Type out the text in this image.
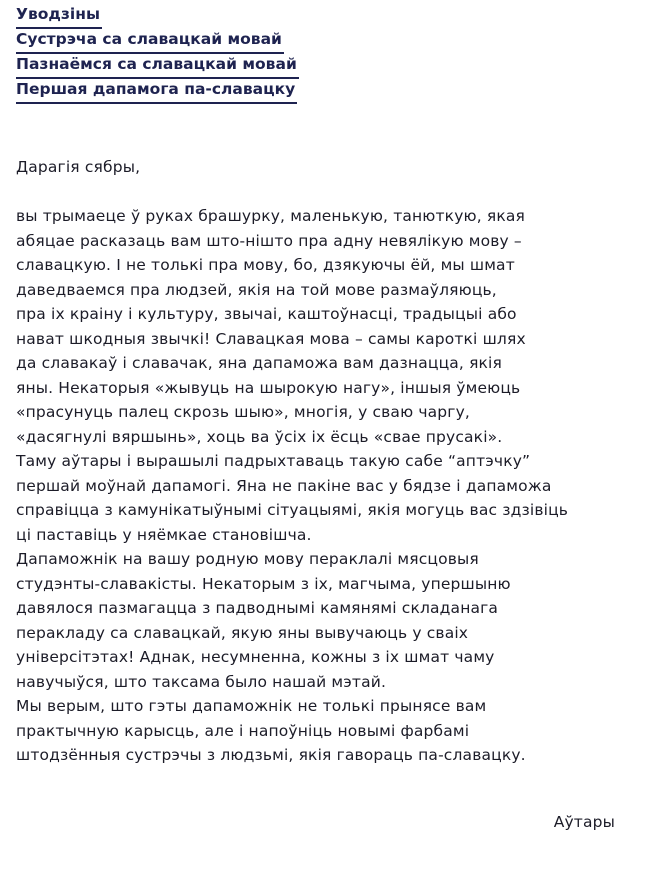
Уводзіны
Сустрэча са славацкай мовай
Пазнаёмся са славацкай мовай
Першая дапамога па-славацку
Дарагія сябры,
вы трымаеце ў руках брашурку, маленькую, танюткую, якая
абяцае расказаць вам што-нішто пра адну невялікую мову –
славацкую. І не толькі пра мову, бо, дзякуючы ёй, мы шмат
даведваемся пра людзей, якія на той мове размаўляюць,
пра іх краіну і культуру, звычаі, каштоўнасці, традыцыі або
нават шкодныя звычкі! Славацкая мова – самы кароткі шлях
да славакаў і славачак, яна дапаможа вам дазнацца, якія
яны. Некаторыя «жывуць на шырокую нагу», іншыя ўмеюць
«прасунуць палец скрозь шыю», многія, у сваю чаргу,
«дасягнулі вяршынь», хоць ва ўсіх іх ёсць «свае прусакі».
Таму аўтары і вырашылі падрыхтаваць такую сабе “аптэчку”
першай моўнай дапамогі. Яна не пакіне вас у бядзе і дапаможа
справіцца з камунікатыўнымі сітуацыямі, якія могуць вас здзівіць
ці паставіць у няёмкае становішча.
Дапаможнік на вашу родную мову пераклалі мясцовыя
студэнты-славакісты. Некаторым з іх, магчыма, упершыню
давялося пазмагацца з падводнымі камянямі складанага
перакладу са славацкай, якую яны вывучаюць у сваіх
універсітэтах! Аднак, несумненна, кожны з іх шмат чаму
навучыўся, што таксама было нашай мэтай.
Мы верым, што гэты дапаможнік не толькі прынясе вам
практычную карысць, але і напоўніць новымі фарбамі
штодзённыя сустрэчы з людзьмі, якія гавораць па-славацку.
Аўтары
